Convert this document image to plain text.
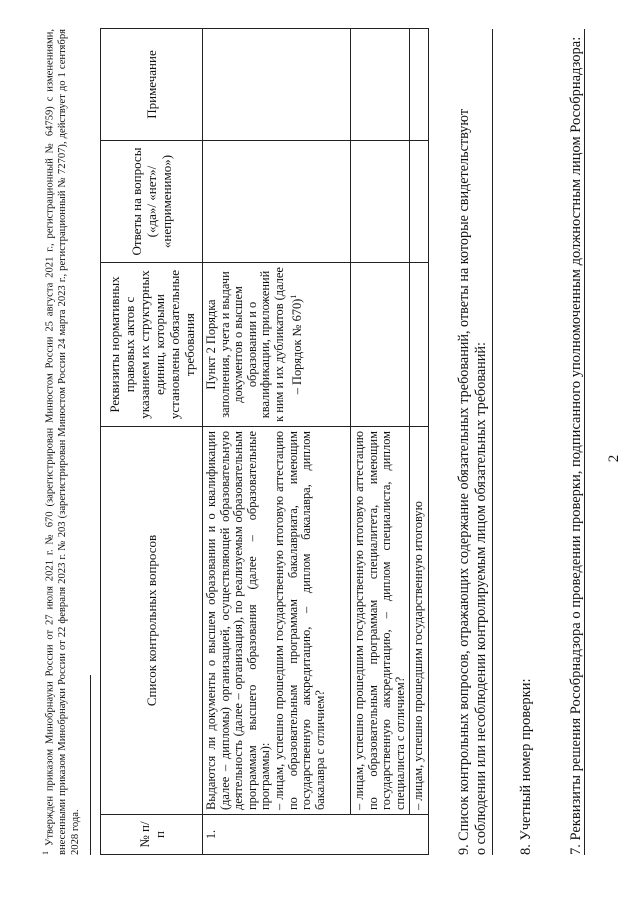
2
7. Реквизиты решения Рособрнадзора о проведении проверки, подписанного уполномоченным должностным лицом Рособрнадзора:
8. Учетный номер проверки:
9. Список контрольных вопросов, отражающих содержание обязательных требований, ответы на которые свидетельствуют о соблюдении или несоблюдении контролируемым лицом обязательных требований:
№ п/п	Список контрольных вопросов	Реквизиты нормативных правовых актов с указанием их структурных единиц, которыми установлены обязательные требования	Ответы на вопросы («да»/ «нет»/ «неприменимо»)	Примечание
1.	Выдаются ли документы о высшем образовании и о квалификации (далее – дипломы) организацией, осуществляющей образовательную деятельность (далее – организация), по реализуемым образовательным программам высшего образования (далее – образовательные программы): – лицам, успешно прошедшим государственную итоговую аттестацию по образовательным программам бакалавриата, имеющим государственную аккредитацию, – диплом бакалавра, диплом бакалавра с отличием?	Пункт 2 Порядка заполнения, учета и выдачи документов о высшем образовании и о квалификации, приложений к ним и их дубликатов (далее – Порядок № 670)$^1$		
	– лицам, успешно прошедшим государственную итоговую аттестацию по образовательным программам специалитета, имеющим государственную аккредитацию, – диплом специалиста, диплом специалиста с отличием?			
	– лицам, успешно прошедшим государственную итоговую			
$^1$ Утвержден приказом Минобрнауки России от 27 июля 2021 г. № 670 (зарегистрирован Минюстом России 25 августа 2021 г., регистрационный № 64759) с изменениями, внесенными приказом Минобрнауки России от 22 февраля 2023 г. № 203 (зарегистрирован Минюстом России 24 марта 2023 г., регистрационный № 72707), действует до 1 сентября 2028 года.
